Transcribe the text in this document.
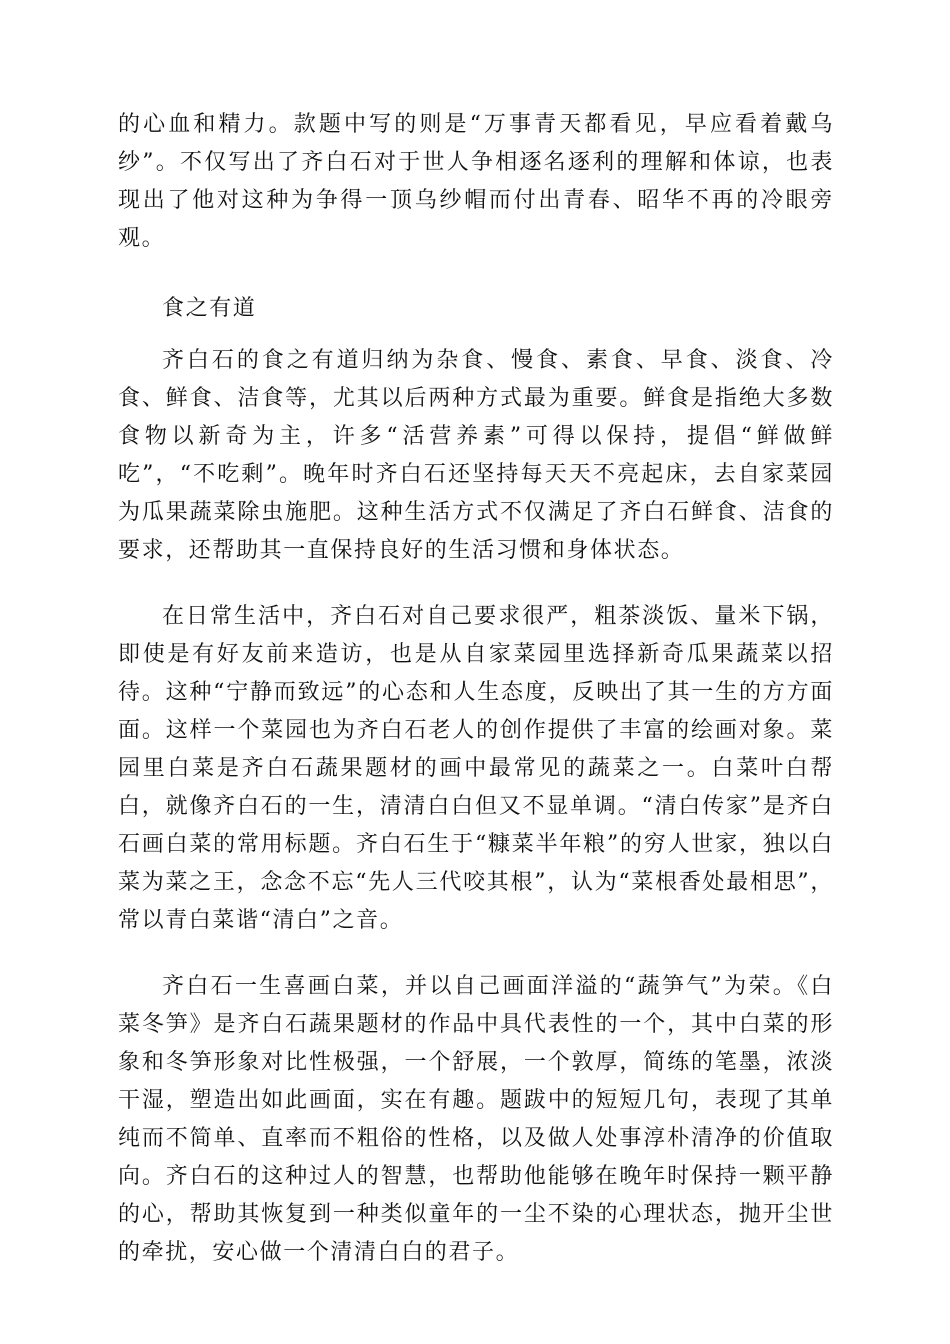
的心血和精力。款题中写的则是“万事青天都看见，早应看着戴乌纱”。不仅写出了齐白石对于世人争相逐名逐利的理解和体谅，也表现出了他对这种为争得一顶乌纱帽而付出青春、昭华不再的冷眼旁观。

食之有道

齐白石的食之有道归纳为杂食、慢食、素食、早食、淡食、冷食、鲜食、洁食等，尤其以后两种方式最为重要。鲜食是指绝大多数食物以新奇为主，许多“活营养素”可得以保持，提倡“鲜做鲜吃”，“不吃剩”。晚年时齐白石还坚持每天天不亮起床，去自家菜园为瓜果蔬菜除虫施肥。这种生活方式不仅满足了齐白石鲜食、洁食的要求，还帮助其一直保持良好的生活习惯和身体状态。

在日常生活中，齐白石对自己要求很严，粗茶淡饭、量米下锅，即使是有好友前来造访，也是从自家菜园里选择新奇瓜果蔬菜以招待。这种“宁静而致远”的心态和人生态度，反映出了其一生的方方面面。这样一个菜园也为齐白石老人的创作提供了丰富的绘画对象。菜园里白菜是齐白石蔬果题材的画中最常见的蔬菜之一。白菜叶白帮白，就像齐白石的一生，清清白白但又不显单调。“清白传家”是齐白石画白菜的常用标题。齐白石生于“糠菜半年粮”的穷人世家，独以白菜为菜之王，念念不忘“先人三代咬其根”，认为“菜根香处最相思”，常以青白菜谐“清白”之音。

齐白石一生喜画白菜，并以自己画面洋溢的“蔬笋气”为荣。《白菜冬笋》是齐白石蔬果题材的作品中具代表性的一个，其中白菜的形象和冬笋形象对比性极强，一个舒展，一个敦厚，简练的笔墨，浓淡干湿，塑造出如此画面，实在有趣。题跋中的短短几句，表现了其单纯而不简单、直率而不粗俗的性格，以及做人处事淳朴清净的价值取向。齐白石的这种过人的智慧，也帮助他能够在晚年时保持一颗平静的心，帮助其恢复到一种类似童年的一尘不染的心理状态，抛开尘世的牵扰，安心做一个清清白白的君子。
